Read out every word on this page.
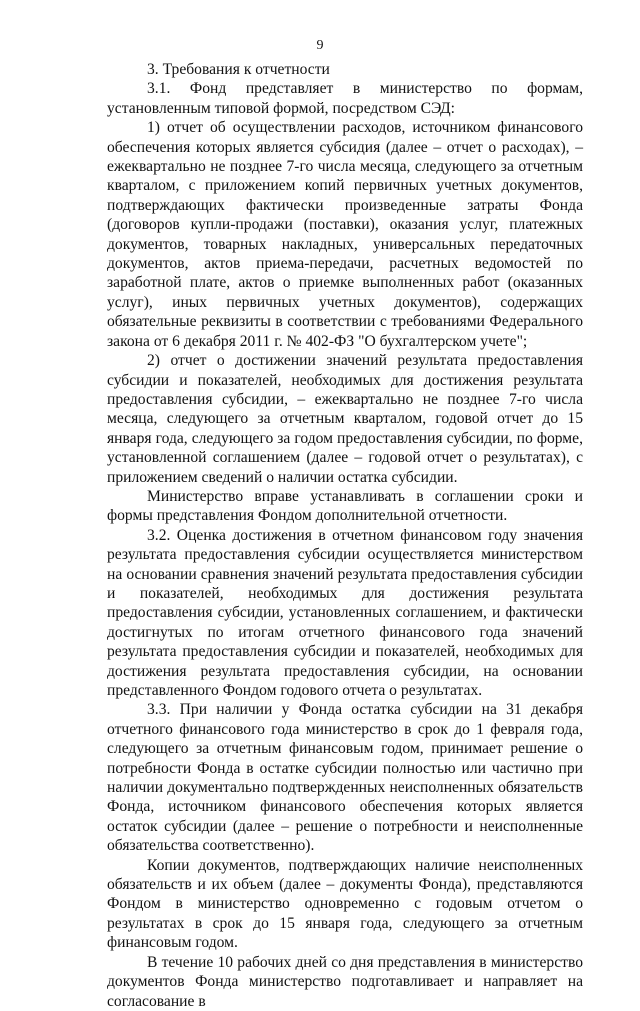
9

3. Требования к отчетности

3.1. Фонд представляет в министерство по формам, установленным типовой формой, посредством СЭД:

1) отчет об осуществлении расходов, источником финансового обеспечения которых является субсидия (далее – отчет о расходах), – ежеквартально не позднее 7-го числа месяца, следующего за отчетным кварталом, с приложением копий первичных учетных документов, подтверждающих фактически произведенные затраты Фонда (договоров купли-продажи (поставки), оказания услуг, платежных документов, товарных накладных, универсальных передаточных документов, актов приема-передачи, расчетных ведомостей по заработной плате, актов о приемке выполненных работ (оказанных услуг), иных первичных учетных документов), содержащих обязательные реквизиты в соответствии с требованиями Федерального закона от 6 декабря 2011 г. № 402-ФЗ "О бухгалтерском учете";

2) отчет о достижении значений результата предоставления субсидии и показателей, необходимых для достижения результата предоставления субсидии, – ежеквартально не позднее 7-го числа месяца, следующего за отчетным кварталом, годовой отчет до 15 января года, следующего за годом предоставления субсидии, по форме, установленной соглашением (далее – годовой отчет о результатах), с приложением сведений о наличии остатка субсидии.

Министерство вправе устанавливать в соглашении сроки и формы представления Фондом дополнительной отчетности.

3.2. Оценка достижения в отчетном финансовом году значения результата предоставления субсидии осуществляется министерством на основании сравнения значений результата предоставления субсидии и показателей, необходимых для достижения результата предоставления субсидии, установленных соглашением, и фактически достигнутых по итогам отчетного финансового года значений результата предоставления субсидии и показателей, необходимых для достижения результата предоставления субсидии, на основании представленного Фондом годового отчета о результатах.

3.3. При наличии у Фонда остатка субсидии на 31 декабря отчетного финансового года министерство в срок до 1 февраля года, следующего за отчетным финансовым годом, принимает решение о потребности Фонда в остатке субсидии полностью или частично при наличии документально подтвержденных неисполненных обязательств Фонда, источником финансового обеспечения которых является остаток субсидии (далее – решение о потребности и неисполненные обязательства соответственно).

Копии документов, подтверждающих наличие неисполненных обязательств и их объем (далее – документы Фонда), представляются Фондом в министерство одновременно с годовым отчетом о результатах в срок до 15 января года, следующего за отчетным финансовым годом.

В течение 10 рабочих дней со дня представления в министерство документов Фонда министерство подготавливает и направляет на согласование в
